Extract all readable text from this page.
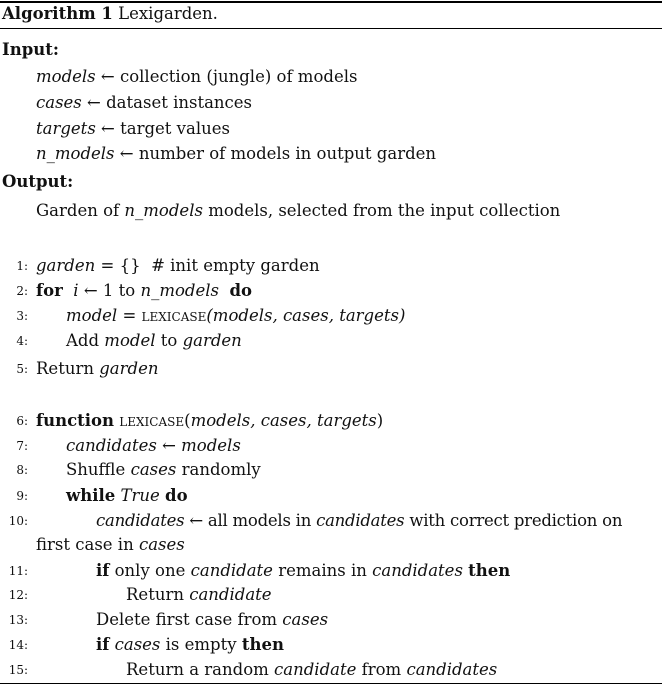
Algorithm 1 Lexigarden.
Input:
models ← collection (jungle) of models
cases ← dataset instances
targets ← target values
n_models ← number of models in output garden
Output:
Garden of n_models models, selected from the input collection
1: garden = {} # init empty garden
2: for i ← 1 to n_models do
3: model = lexicase(models, cases, targets)
4: Add model to garden
5: Return garden
6: function lexicase(models, cases, targets)
7: candidates ← models
8: Shuffle cases randomly
9: while True do
10:	candidates ← all models in candidates with correct prediction on
first case in cases
11:	if only one candidate remains in candidates then
12:	Return candidate
13:	Delete first case from cases
14:	if cases is empty then
15:	Return a random candidate from candidates
